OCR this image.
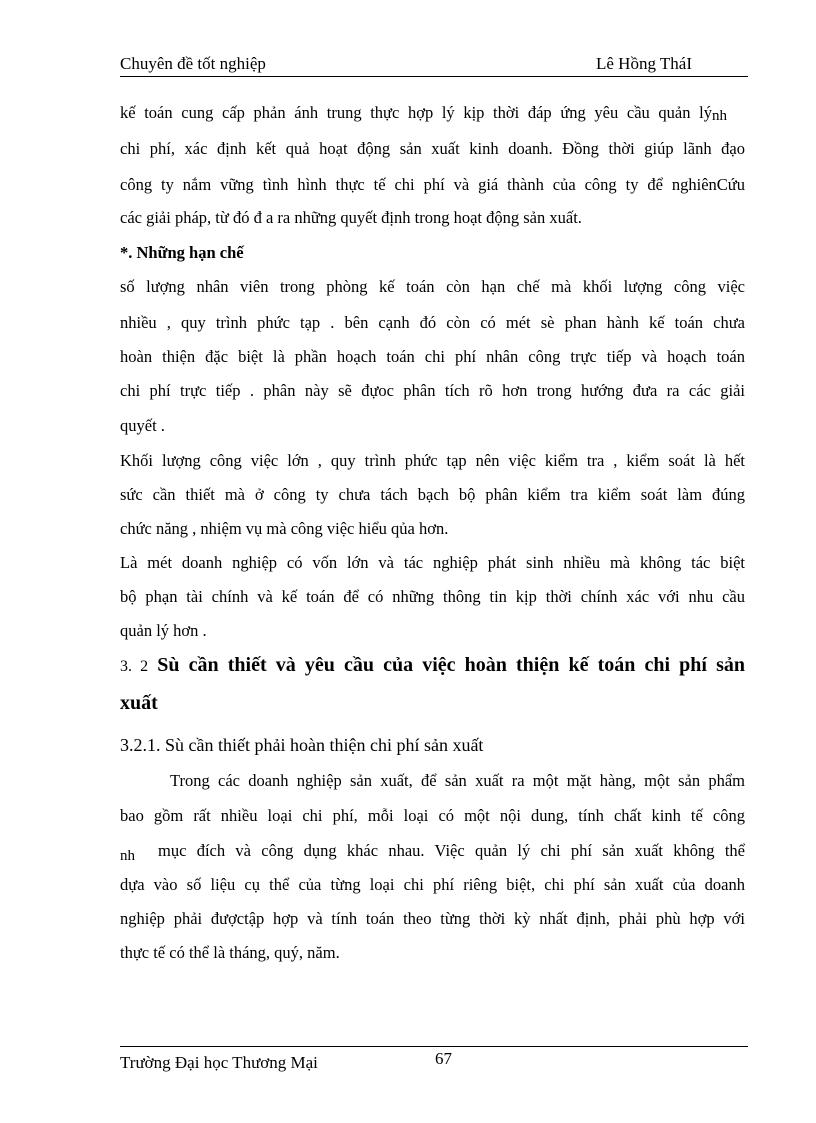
Chuyên đề tốt nghiệp	Lê Hồng TháI
kế toán cung cấp phản ánh trung thực hợp lý kịp thời đáp ứng yêu cầu quản lý nh
chi phí, xác định kết quả hoạt động sản xuất kinh doanh. Đồng thời giúp lãnh đạo
công ty nắm vững tình hình thực tế chi phí và giá thành của công ty để nghiênCứu
các giải pháp, từ đó đ a ra những quyết định trong hoạt động sản xuất.
*. Những hạn chế
số lượng nhân viên trong phòng kế toán còn hạn chế mà khối lượng công việc
nhiều , quy trình phức tạp . bên cạnh đó còn có mét sè phan hành kế toán chưa
hoàn thiện đặc biệt là phần hoạch toán chi phí nhân công trực tiếp và hoạch toán
chi phí trực tiếp . phân này sẽ đựoc phân tích rõ hơn trong hướng đưa ra các giải
quyết .
Khối lượng công việc lớn , quy trình phức tạp nên việc kiểm tra , kiểm soát là hết
sức cần thiết mà ở công ty chưa tách bạch bộ phân kiểm tra kiểm soát làm đúng
chức năng , nhiệm vụ mà công việc hiểu qủa hơn.
Là mét doanh nghiệp có vốn lớn và tác nghiệp phát sinh nhiều mà không tác biệt
bộ phạn tài chính và kế toán để có những thông tin kịp thời chính xác với nhu cầu
quản lý hơn .
3. 2 Sù cần thiết và yêu cầu của việc hoàn thiện kế toán chi phí sản
xuất
3.2.1. Sù cần thiết phải hoàn thiện chi phí sản xuất
Trong các doanh nghiệp sản xuất, để sản xuất ra một mặt hàng, một sản phẩm
bao gồm rất nhiều loại chi phí, mỗi loại có một nội dung, tính chất kinh tế công
nh mục đích và công dụng khác nhau. Việc quản lý chi phí sản xuất không thể
dựa vào số liệu cụ thể của từng loại chi phí riêng biệt, chi phí sản xuất của doanh
nghiệp phải đượctập hợp và tính toán theo từng thời kỳ nhất định, phải phù hợp với
thực tế có thể là tháng, quý, năm.
Trường Đại học Thương Mại	67
